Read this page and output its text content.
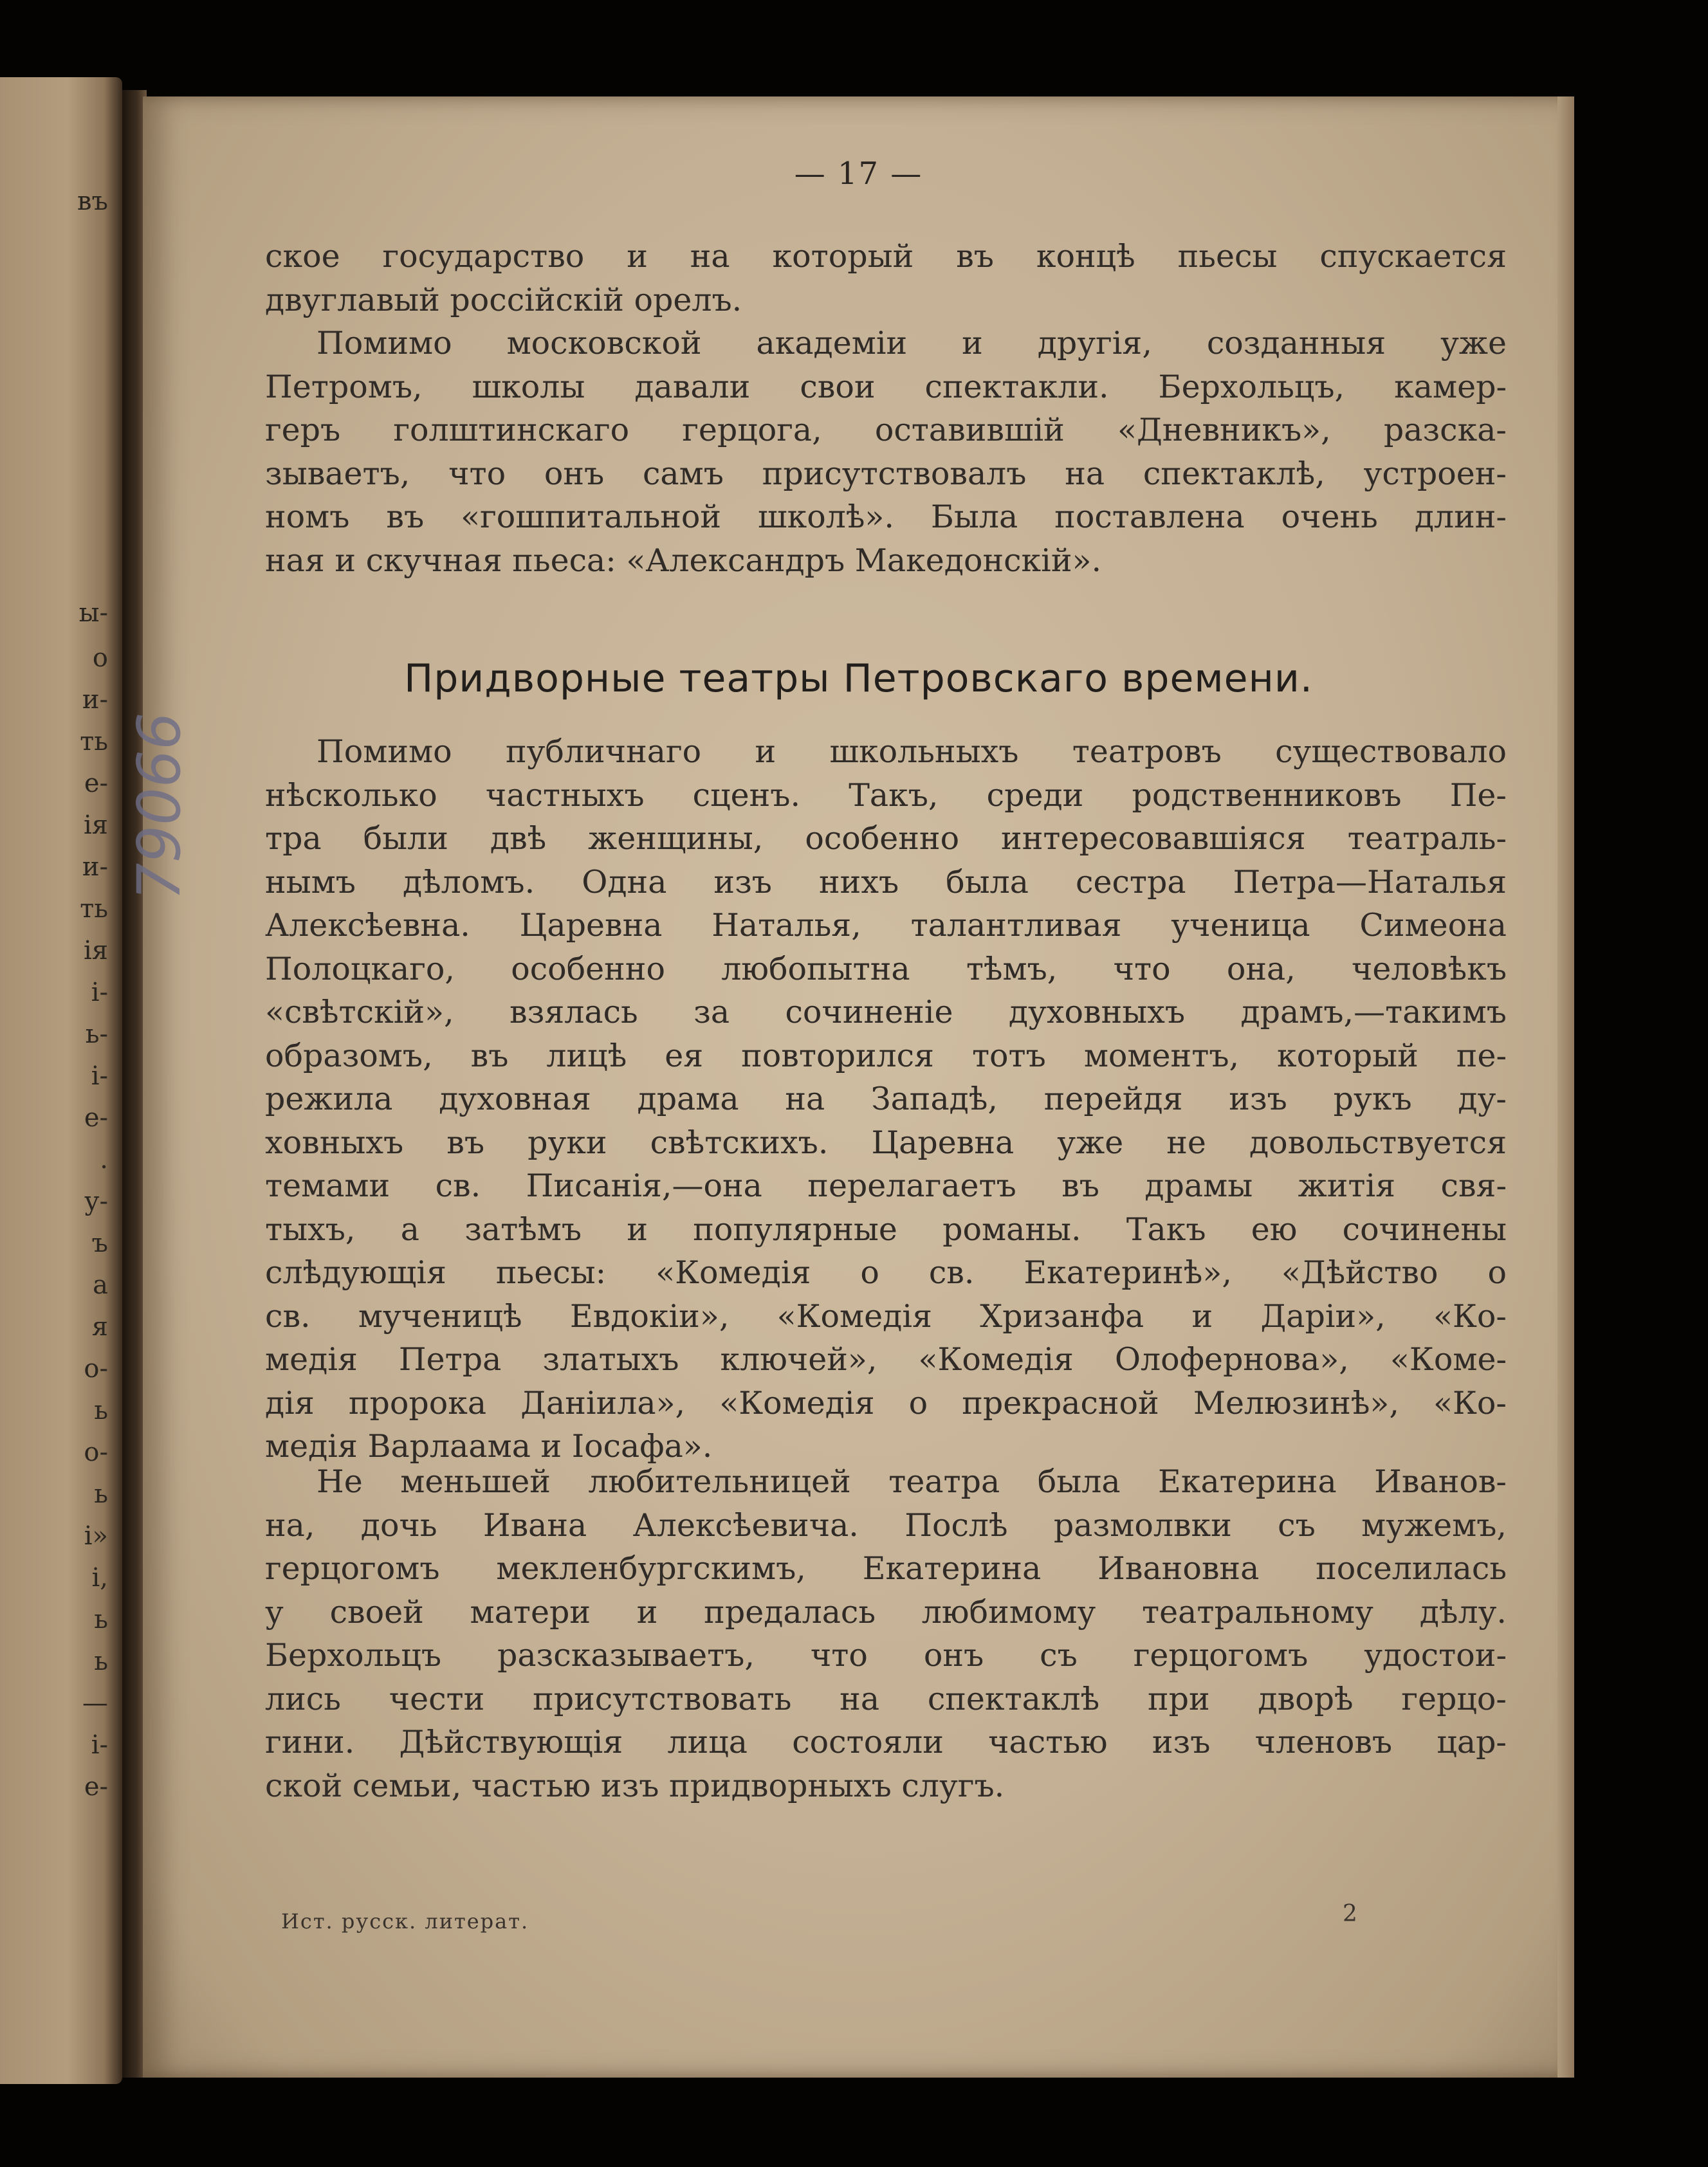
въ
ы-
о
и-
ть
е-
ія
и-
ть
ія
і-
ь-
і-
е-
.
у-
ъ
а
я
о-
ь
о-
ь
і»
і,
ь
ь
—
і-
е-
79066
— 17 —

ское государство и на который въ концѣ пьесы спускается

двуглавый россійскій орелъ.

Помимо московской академіи и другія, созданныя уже

Петромъ, школы давали свои спектакли. Берхольцъ, камер-

геръ голштинскаго герцога, оставившій «Дневникъ», разска-

зываетъ, что онъ самъ присутствовалъ на спектаклѣ, устроен-

номъ въ «гошпитальной школѣ». Была поставлена очень длин-

ная и скучная пьеса: «Александръ Македонскій».

Придворные театры Петровскаго времени.

Помимо публичнаго и школьныхъ театровъ существовало

нѣсколько частныхъ сценъ. Такъ, среди родственниковъ Пе-

тра были двѣ женщины, особенно интересовавшіяся театраль-

нымъ дѣломъ. Одна изъ нихъ была сестра Петра—Наталья

Алексѣевна. Царевна Наталья, талантливая ученица Симеона

Полоцкаго, особенно любопытна тѣмъ, что она, человѣкъ

«свѣтскій», взялась за сочиненіе духовныхъ драмъ,—такимъ

образомъ, въ лицѣ ея повторился тотъ моментъ, который пе-

режила духовная драма на Западѣ, перейдя изъ рукъ ду-

ховныхъ въ руки свѣтскихъ. Царевна уже не довольствуется

темами св. Писанія,—она перелагаетъ въ драмы житія свя-

тыхъ, а затѣмъ и популярные романы. Такъ ею сочинены

слѣдующія пьесы: «Комедія о св. Екатеринѣ», «Дѣйство о

св. мученицѣ Евдокіи», «Комедія Хризанфа и Даріи», «Ко-

медія Петра златыхъ ключей», «Комедія Олофернова», «Коме-

дія пророка Даніила», «Комедія о прекрасной Мелюзинѣ», «Ко-

медія Варлаама и Іосафа».

Не меньшей любительницей театра была Екатерина Иванов-

на, дочь Ивана Алексѣевича. Послѣ размолвки съ мужемъ,

герцогомъ мекленбургскимъ, Екатерина Ивановна поселилась

у своей матери и предалась любимому театральному дѣлу.

Берхольцъ разсказываетъ, что онъ съ герцогомъ удостои-

лись чести присутствовать на спектаклѣ при дворѣ герцо-

гини. Дѣйствующія лица состояли частью изъ членовъ цар-

ской семьи, частью изъ придворныхъ слугъ.

Ист. русск. литерат.	2
